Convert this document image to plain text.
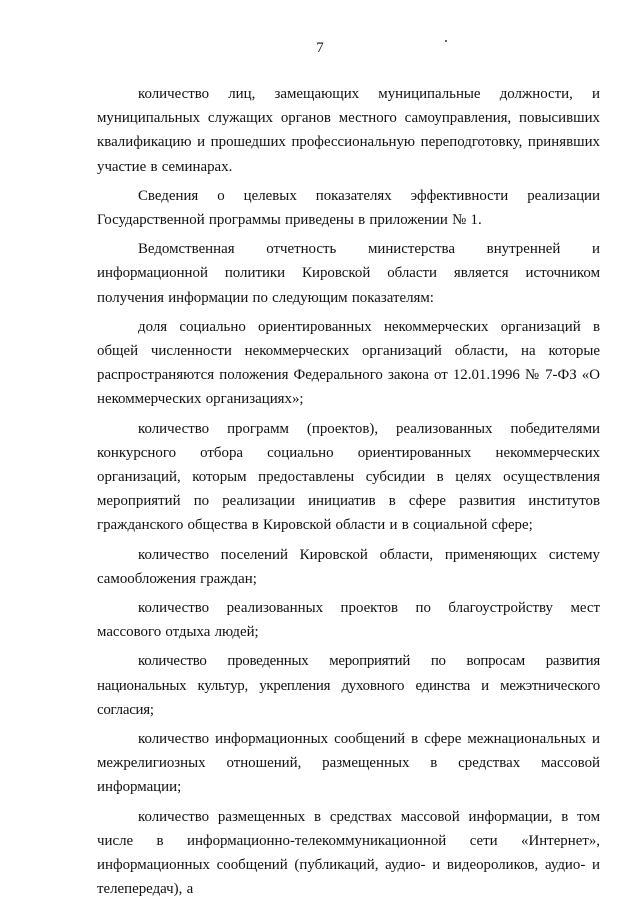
7

количество лиц, замещающих муниципальные должности, и муниципальных служащих органов местного самоуправления, повысивших квалификацию и прошедших профессиональную переподготовку, принявших участие в семинарах.

Сведения о целевых показателях эффективности реализации Государственной программы приведены в приложении № 1.

Ведомственная отчетность министерства внутренней и информационной политики Кировской области является источником получения информации по следующим показателям:

доля социально ориентированных некоммерческих организаций в общей численности некоммерческих организаций области, на которые распространяются положения Федерального закона от 12.01.1996 № 7-ФЗ «О некоммерческих организациях»;

количество программ (проектов), реализованных победителями конкурсного отбора социально ориентированных некоммерческих организаций, которым предоставлены субсидии в целях осуществления мероприятий по реализации инициатив в сфере развития институтов гражданского общества в Кировской области и в социальной сфере;

количество поселений Кировской области, применяющих систему самообложения граждан;

количество реализованных проектов по благоустройству мест массового отдыха людей;

количество проведенных мероприятий по вопросам развития национальных культур, укрепления духовного единства и межэтнического согласия;

количество информационных сообщений в сфере межнациональных и межрелигиозных отношений, размещенных в средствах массовой информации;

количество размещенных в средствах массовой информации, в том числе в информационно-телекоммуникационной сети «Интернет», информационных сообщений (публикаций, аудио- и видеороликов, аудио- и телепередач), а
